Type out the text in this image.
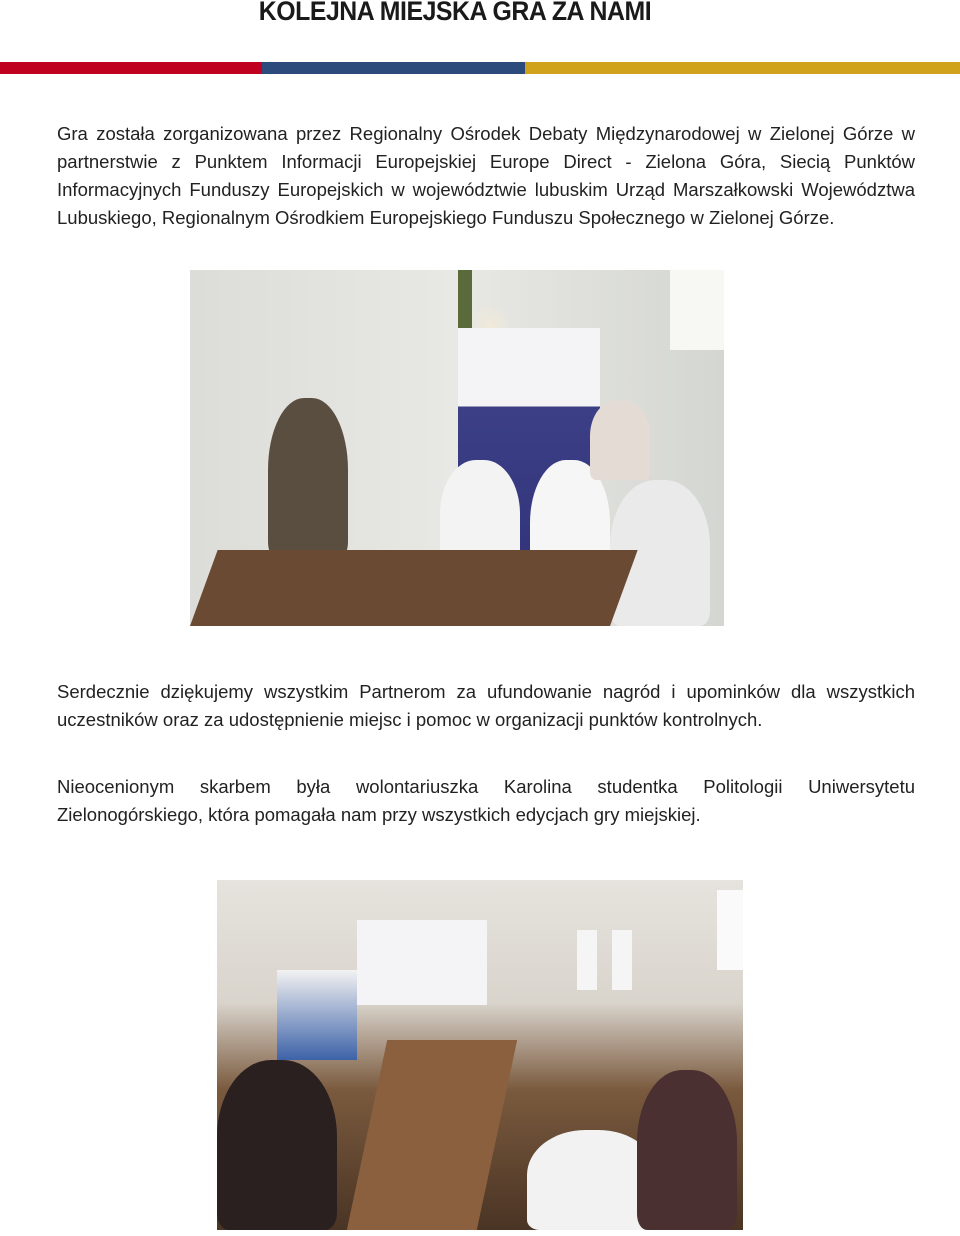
KOLEJNA MIEJSKA GRA ZA NAMI

Gra została zorganizowana przez Regionalny Ośrodek Debaty Międzynarodowej w Zielonej Górze w partnerstwie z Punktem Informacji Europejskiej Europe Direct - Zielona Góra, Siecią Punktów Informacyjnych Funduszy Europejskich w województwie lubuskim Urząd Marszałkowski Województwa Lubuskiego, Regionalnym Ośrodkiem Europejskiego Funduszu Społecznego w Zielonej Górze.

Serdecznie dziękujemy wszystkim Partnerom za ufundowanie nagród i upominków dla wszystkich uczestników oraz za udostępnienie miejsc i pomoc w organizacji punktów kontrolnych.

Nieocenionym skarbem była wolontariuszka Karolina studentka Politologii Uniwersytetu Zielonogórskiego, która pomagała nam przy wszystkich edycjach gry miejskiej.
